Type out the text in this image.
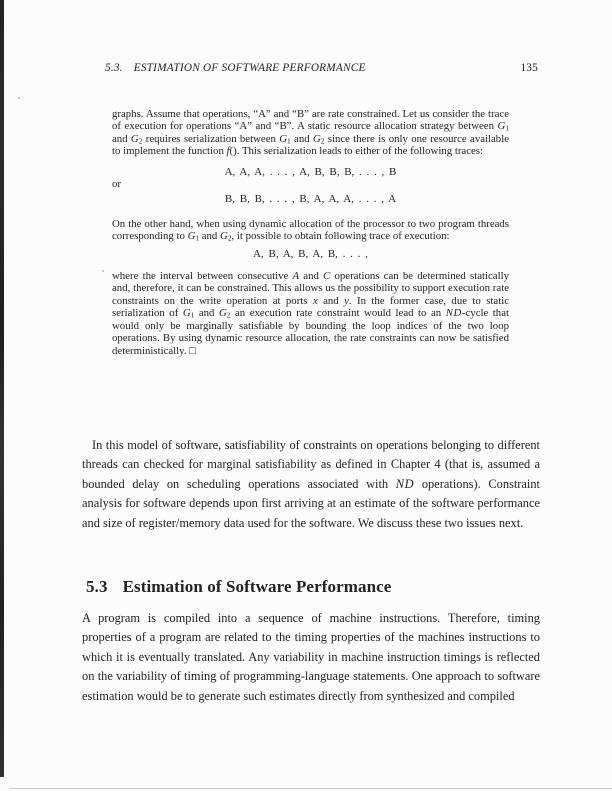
5.3. ESTIMATION OF SOFTWARE PERFORMANCE	135

graphs. Assume that operations, “A” and “B” are rate constrained. Let us consider the trace of execution for operations “A” and “B”. A static resource allocation strategy between $G_1$ and $G_2$ requires serialization between $G_1$ and $G_2$ since there is only one resource available to implement the function f(). This serialization leads to either of the following traces:

A, A, A, . . . , A, B, B, B, . . . , B

or

B, B, B, . . . , B, A, A, A, . . . , A

On the other hand, when using dynamic allocation of the processor to two program threads corresponding to $G_1$ and $G_2$, it possible to obtain following trace of execution:

A, B, A, B, A, B, . . . ,

where the interval between consecutive A and C operations can be determined statically and, therefore, it can be constrained. This allows us the possibility to support execution rate constraints on the write operation at ports x and y. In the former case, due to static serialization of $G_1$ and $G_2$ an execution rate constraint would lead to an ND-cycle that would only be marginally satisfiable by bounding the loop indices of the two loop operations. By using dynamic resource allocation, the rate constraints can now be satisfied deterministically. □

In this model of software, satisfiability of constraints on operations belonging to different threads can checked for marginal satisfiability as defined in Chapter 4 (that is, assumed a bounded delay on scheduling operations associated with ND operations). Constraint analysis for software depends upon first arriving at an estimate of the software performance and size of register/memory data used for the software. We discuss these two issues next.
5.3 Estimation of Software Performance
A program is compiled into a sequence of machine instructions. Therefore, timing properties of a program are related to the timing properties of the machines instructions to which it is eventually translated. Any variability in machine instruction timings is reflected on the variability of timing of programming-language statements. One approach to software estimation would be to generate such estimates directly from synthesized and compiled
